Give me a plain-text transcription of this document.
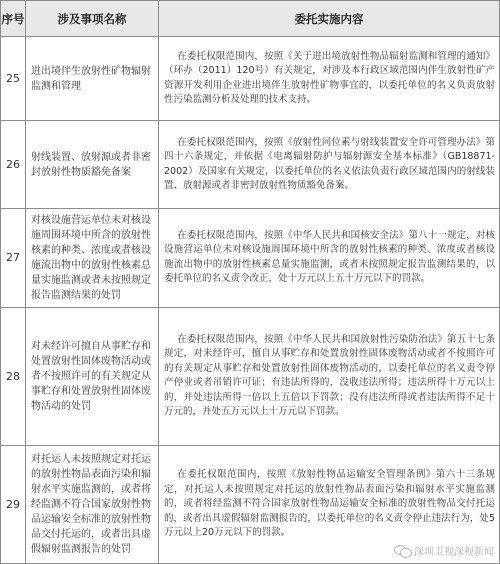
序号	涉及事项名称	委托实施内容
25	进出境伴生放射性矿物辐射监测和管理	在委托权限范围内，按照《关于进出境放射性物品辐射监测和管理的通知》（环办（2011）120号）有关规定，对涉及本行政区域范围内伴生放射性矿产资源开发利用企业进出境伴生放射性矿物事宜的，以委托单位的名义负责放射性污染监测分析及处理的技术支持。
26	射线装置、放射源或者非密封放射性物质豁免备案	在委托权限范围内，按照《放射性同位素与射线装置安全许可管理办法》第四十六条规定，并依据《电离辐射防护与辐射源安全基本标准》（GB18871-2002）及国家有关规定，以委托单位的名义依法负责行政区域范围内的射线装置、放射源或者非密封放射性物质豁免备案。
27	对核设施营运单位未对核设施周围环境中所含的放射性核素的种类、浓度或者核设施流出物中的放射性核素总量实施监测或者未按照规定报告监测结果的处罚	在委托权限范围内，按照《中华人民共和国核安全法》第八十一规定，对核设施营运单位未对核设施周围环境中所含的放射性核素的种类、浓度或者核设施流出物中的放射性核素总量实施监测，或者未按照规定报告监测结果的，以委托单位的名义责令改正，处十万元以上五十万元以下的罚款。
28	对未经许可擅自从事贮存和处置放射性固体废物活动或者不按照许可的有关规定从事贮存和处置放射性固体废物活动的处罚	在委托权限范围内，按照《中华人民共和国放射性污染防治法》第五十七条规定，对未经许可，擅自从事贮存和处置放射性固体废物活动或者不按照许可的有关规定从事贮存和处置放射性固体废物活动的，以委托单位的名义责令停产停业或者吊销许可证；有违法所得的，没收违法所得；违法所得十万元以上的，并处违法所得一倍以上五倍以下罚款；没有违法所得或者违法所得不足十万元的，并处五万元以上十万元以下罚款。
29	对托运人未按照规定对托运的放射性物品表面污染和辐射水平实施监测的，或者将经监测不符合国家放射性物品运输安全标准的放射性物品交付托运的，或者出具虚假辐射监测报告的处罚	在委托权限范围内，按照《放射性物品运输安全管理条例》第六十三条规定，对托运人未按照规定对托运的放射性物品表面污染和辐射水平实施监测的，或者将经监测不符合国家放射性物品运输安全标准的放射性物品交付托运的，或者出具虚假辐射监测报告的，以委托单位的名义责令停止违法行为，处5万元以上20万元以下的罚款。
深圳卫视深视新闻
